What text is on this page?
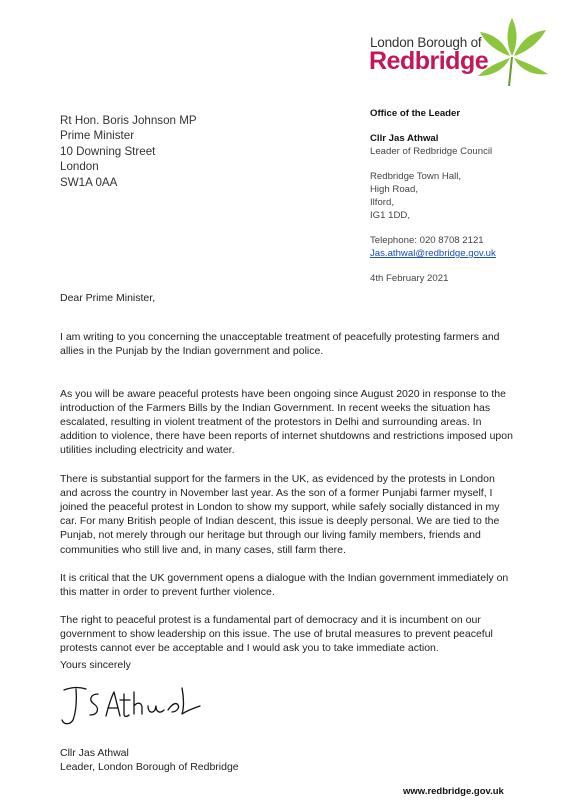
London Borough of
Redbridge
Rt Hon. Boris Johnson MP
Prime Minister
10 Downing Street
London
SW1A 0AA
Office of the Leader
Cllr Jas Athwal
Leader of Redbridge Council
Redbridge Town Hall,
High Road,
Ilford,
IG1 1DD,
Telephone: 020 8708 2121
Jas.athwal@redbridge.gov.uk
4th February 2021
Dear Prime Minister,

I am writing to you concerning the unacceptable treatment of peacefully protesting farmers and allies in the Punjab by the Indian government and police.

As you will be aware peaceful protests have been ongoing since August 2020 in response to the introduction of the Farmers Bills by the Indian Government. In recent weeks the situation has escalated, resulting in violent treatment of the protestors in Delhi and surrounding areas. In addition to violence, there have been reports of internet shutdowns and restrictions imposed upon utilities including electricity and water.

There is substantial support for the farmers in the UK, as evidenced by the protests in London and across the country in November last year. As the son of a former Punjabi farmer myself, I joined the peaceful protest in London to show my support, while safely socially distanced in my car. For many British people of Indian descent, this issue is deeply personal. We are tied to the Punjab, not merely through our heritage but through our living family members, friends and communities who still live and, in many cases, still farm there.

It is critical that the UK government opens a dialogue with the Indian government immediately on this matter in order to prevent further violence.

The right to peaceful protest is a fundamental part of democracy and it is incumbent on our government to show leadership on this issue. The use of brutal measures to prevent peaceful protests cannot ever be acceptable and I would ask you to take immediate action.

Yours sincerely
Cllr Jas Athwal
Leader, London Borough of Redbridge
www.redbridge.gov.uk
